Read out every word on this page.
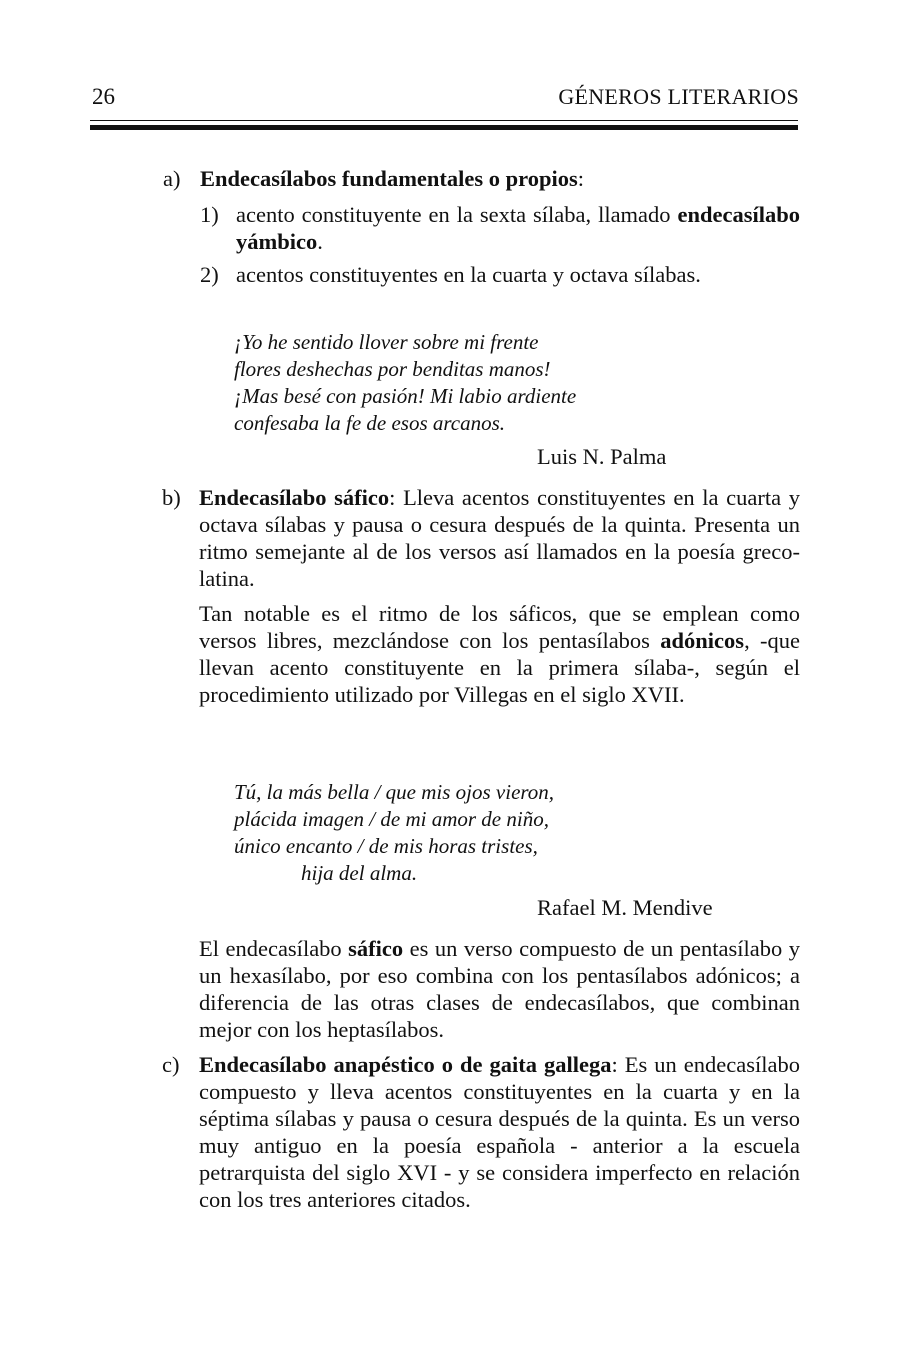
26	GÉNEROS LITERARIOS
a) Endecasílabos fundamentales o propios:

1) acento constituyente en la sexta sílaba, llamado endecasílabo yámbico.

2) acentos constituyentes en la cuarta y octava sílabas.

¡Yo he sentido llover sobre mi frente
flores deshechas por benditas manos!
¡Mas besé con pasión! Mi labio ardiente
confesaba la fe de esos arcanos.
Luis N. Palma
b) Endecasílabo sáfico: Lleva acentos constituyentes en la cuarta y octava sílabas y pausa o cesura después de la quinta. Presenta un ritmo semejante al de los versos así llamados en la poesía greco-latina.

Tan notable es el ritmo de los sáficos, que se emplean como versos libres, mezclándose con los pentasílabos adónicos, -que llevan acento constituyente en la primera sílaba-, según el procedimiento utilizado por Villegas en el siglo XVII.

Tú, la más bella / que mis ojos vieron,
plácida imagen / de mi amor de niño,
único encanto / de mis horas tristes,
hija del alma.
Rafael M. Mendive

El endecasílabo sáfico es un verso compuesto de un pentasílabo y un hexasílabo, por eso combina con los pentasílabos adónicos; a diferencia de las otras clases de endecasílabos, que combinan mejor con los heptasílabos.

c) Endecasílabo anapéstico o de gaita gallega: Es un endecasílabo compuesto y lleva acentos constituyentes en la cuarta y en la séptima sílabas y pausa o cesura después de la quinta. Es un verso muy antiguo en la poesía española - anterior a la escuela petrarquista del siglo XVI - y se considera imperfecto en relación con los tres anteriores citados.
